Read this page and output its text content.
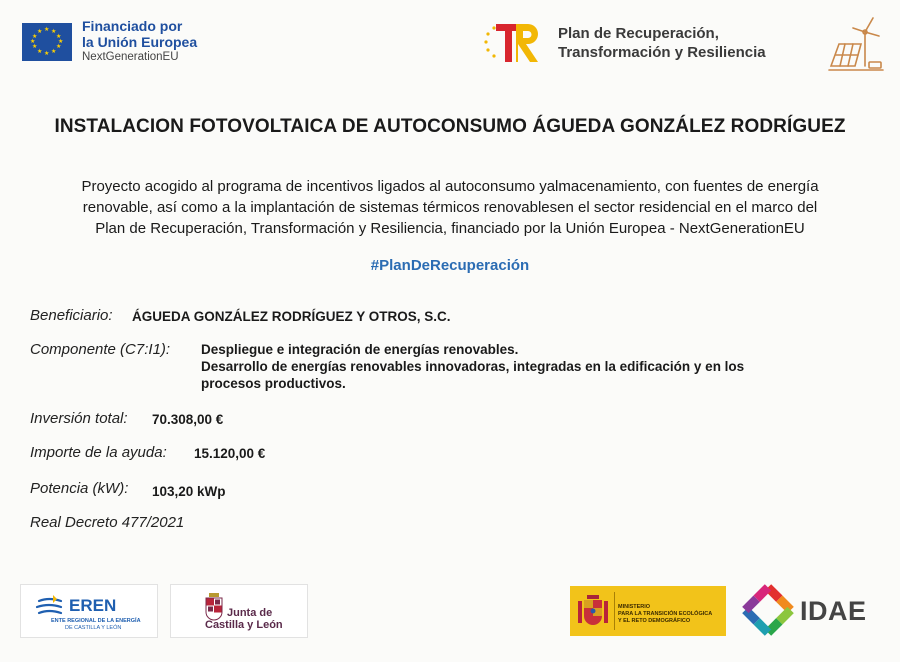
★ ★
★
★
★
★
★
★
★
★
★
★	Financiado por
la Unión Europea
NextGenerationEU
Plan de Recuperación,
Transformación y Resiliencia
INSTALACION FOTOVOLTAICA DE AUTOCONSUMO ÁGUEDA GONZÁLEZ RODRÍGUEZ
Proyecto acogido al programa de incentivos ligados al autoconsumo yalmacenamiento, con fuentes de energía
renovable, así como a la implantación de sistemas térmicos renovablesen el sector residencial en el marco del
Plan de Recuperación, Transformación y Resiliencia, financiado por la Unión Europea - NextGenerationEU
#PlanDeRecuperación
Beneficiario: ÁGUEDA GONZÁLEZ RODRÍGUEZ Y OTROS, S.C.
Componente (C7:I1): Despliegue e integración de energías renovables.
Desarrollo de energías renovables innovadoras, integradas en la edificación y en los
procesos productivos.
Inversión total: 70.308,00 €
Importe de la ayuda: 15.120,00 €
Potencia (kW): 103,20 kWp
Real Decreto 477/2021
EREN
ENTE REGIONAL DE LA ENERGÍA
DE CASTILLA Y LEÓN
Junta de
Castilla y León
MINISTERIO
PARA LA TRANSICIÓN ECOLÓGICA
Y EL RETO DEMOGRÁFICO	IDAE
